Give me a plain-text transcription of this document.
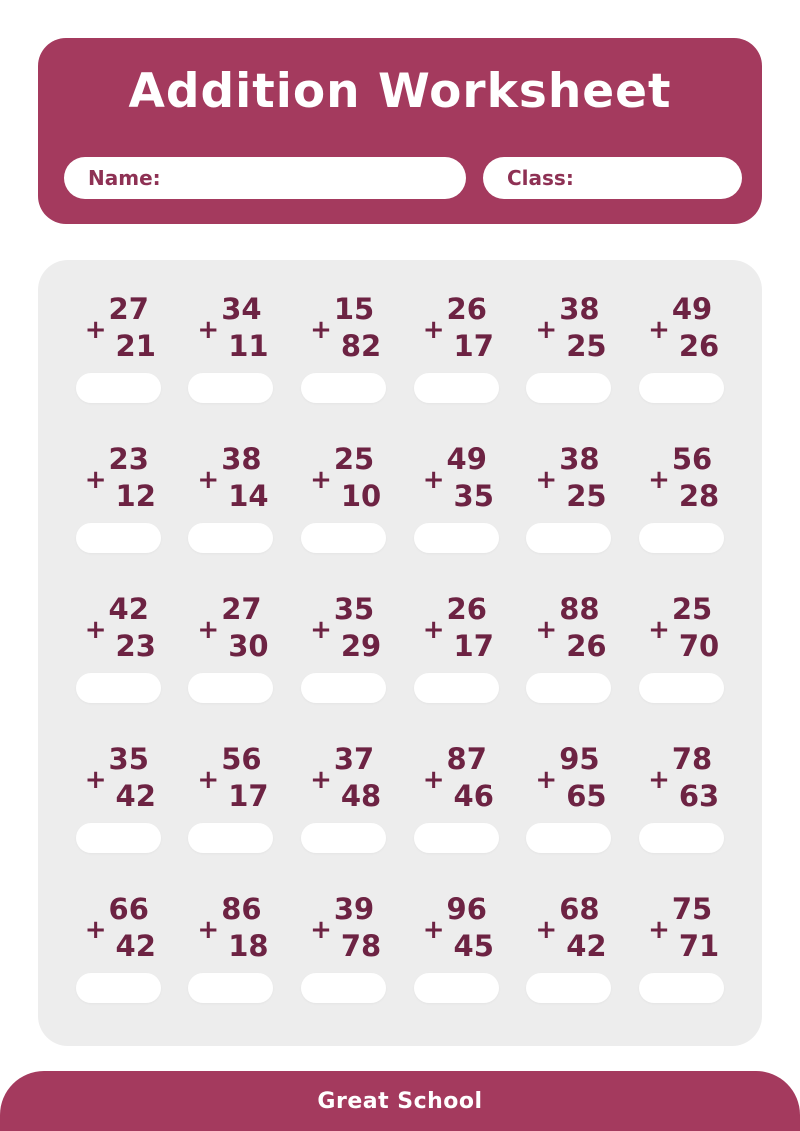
Addition Worksheet
Name:	Class:
+
27
21 +
34
11 +
15
82 +
26
17 +
38
25 +
49
26
+
23
12 +
38
14 +
25
10 +
49
35 +
38
25 +
56
28
+
42
23 +
27
30 +
35
29 +
26
17 +
88
26 +
25
70
+
35
42 +
56
17 +
37
48 +
87
46 +
95
65 +
78
63
+
66
42 +
86
18 +
39
78 +
96
45 +
68
42 +
75
71
Great School
